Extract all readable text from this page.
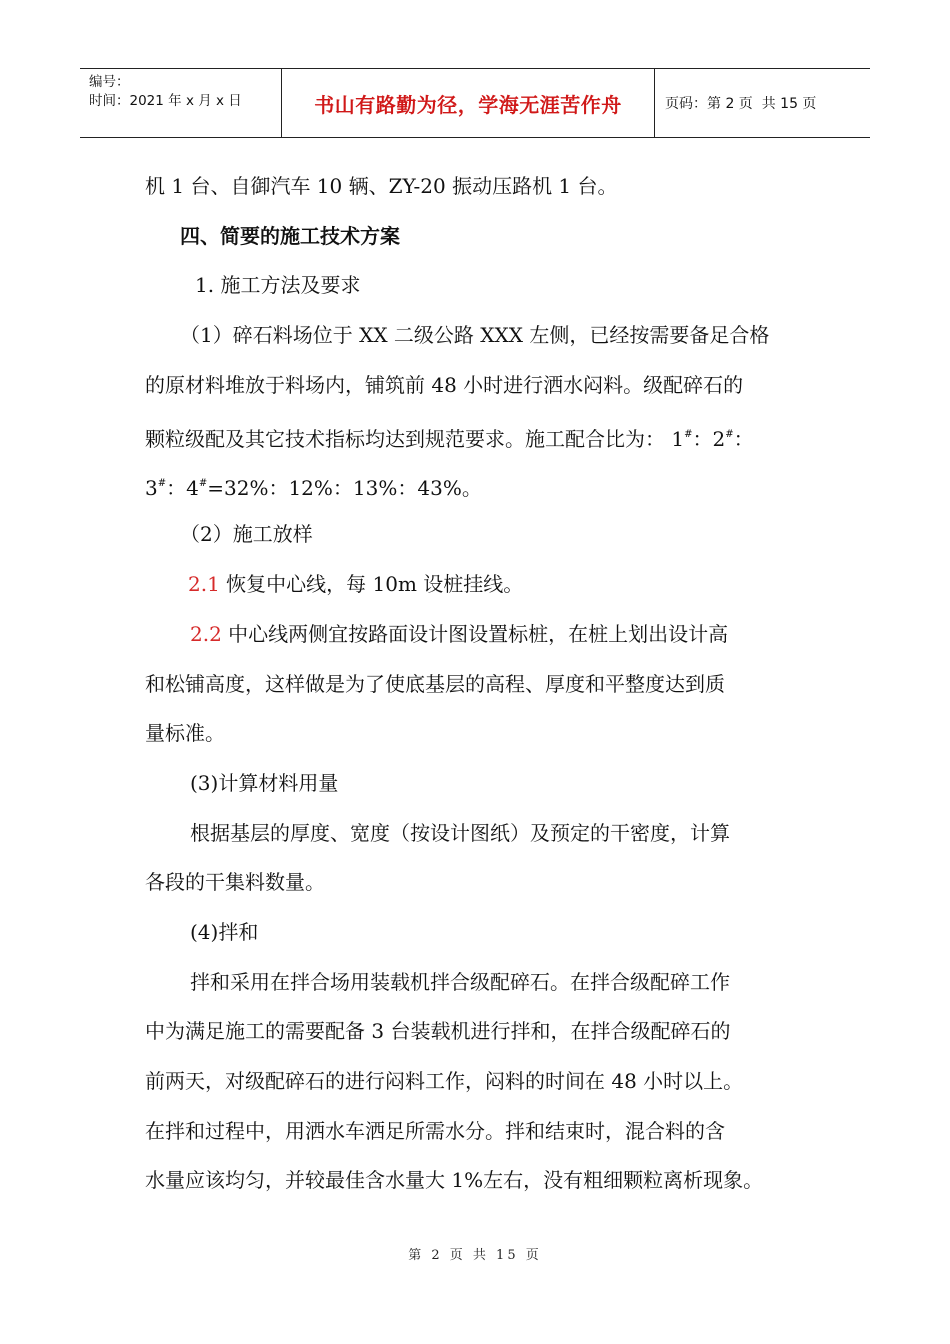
编号：
时间：2021 年 x 月 x 日	书山有路勤为径，学海无涯苦作舟	页码：第 2 页  共 15 页
机 1 台、自御汽车 10 辆、ZY-20 振动压路机 1 台。
四、简要的施工技术方案
1. 施工方法及要求
（1）碎石料场位于 XX 二级公路 XXX 左侧，已经按需要备足合格
的原材料堆放于料场内，铺筑前 48 小时进行洒水闷料。级配碎石的
颗粒级配及其它技术指标均达到规范要求。施工配合比为： 1#：2#：
3#：4#=32%：12%：13%：43%。
（2）施工放样
2.1 恢复中心线，每 10m 设桩挂线。
2.2 中心线两侧宜按路面设计图设置标桩，在桩上划出设计高
和松铺高度，这样做是为了使底基层的高程、厚度和平整度达到质
量标准。
(3)计算材料用量
根据基层的厚度、宽度（按设计图纸）及预定的干密度，计算
各段的干集料数量。
(4)拌和
拌和采用在拌合场用装载机拌合级配碎石。在拌合级配碎工作
中为满足施工的需要配备 3 台装载机进行拌和，在拌合级配碎石的
前两天，对级配碎石的进行闷料工作，闷料的时间在 48 小时以上。
在拌和过程中，用洒水车洒足所需水分。拌和结束时，混合料的含
水量应该均匀，并较最佳含水量大 1%左右，没有粗细颗粒离析现象。
第 2 页 共 15 页
